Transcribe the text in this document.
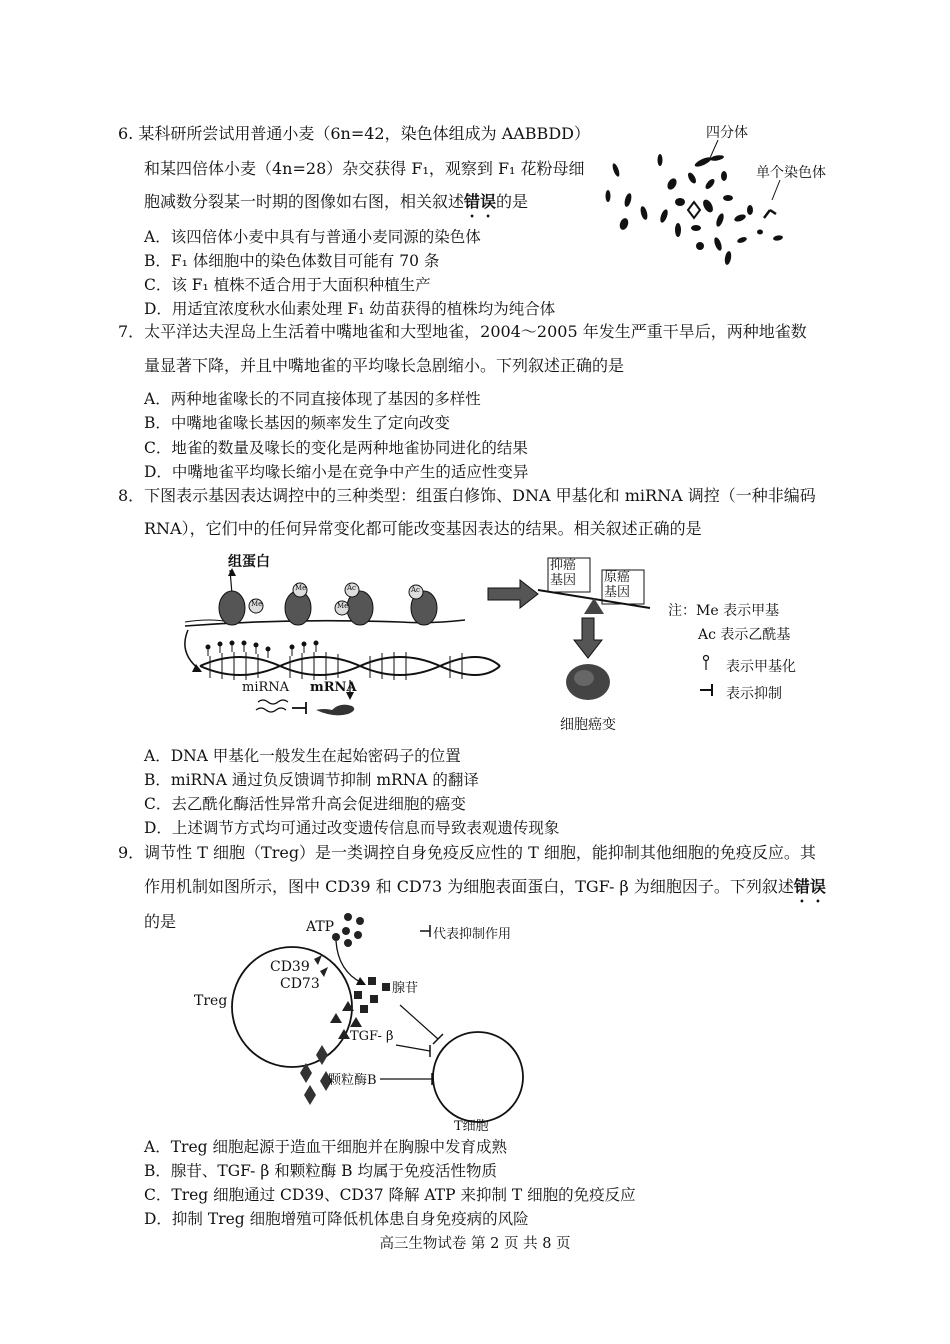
6. 某科研所尝试用普通小麦（6n=42，染色体组成为 AABBDD）
和某四倍体小麦（4n=28）杂交获得 F₁，观察到 F₁ 花粉母细
胞减数分裂某一时期的图像如右图，相关叙述错误的是
A．该四倍体小麦中具有与普通小麦同源的染色体
B．F₁ 体细胞中的染色体数目可能有 70 条
C．该 F₁ 植株不适合用于大面积种植生产
D．用适宜浓度秋水仙素处理 F₁ 幼苗获得的植株均为纯合体
四分体
单个染色体
7．太平洋达夫涅岛上生活着中嘴地雀和大型地雀，2004～2005 年发生严重干旱后，两种地雀数
量显著下降，并且中嘴地雀的平均喙长急剧缩小。下列叙述正确的是
A．两种地雀喙长的不同直接体现了基因的多样性
B．中嘴地雀喙长基因的频率发生了定向改变
C．地雀的数量及喙长的变化是两种地雀协同进化的结果
D．中嘴地雀平均喙长缩小是在竞争中产生的适应性变异
8．下图表示基因表达调控中的三种类型：组蛋白修饰、DNA 甲基化和 miRNA 调控（一种非编码
RNA），它们中的任何异常变化都可能改变基因表达的结果。相关叙述正确的是
组蛋白
Me
Me	Ac
Me
Ac
miRNA mRNA
抑癌
基因 原癌
基因
细胞癌变
注：Me 表示甲基
Ac 表示乙酰基
表示甲基化
表示抑制
A．DNA 甲基化一般发生在起始密码子的位置
B．miRNA 通过负反馈调节抑制 mRNA 的翻译
C．去乙酰化酶活性异常升高会促进细胞的癌变
D．上述调节方式均可通过改变遗传信息而导致表观遗传现象
9．调节性 T 细胞（Treg）是一类调控自身免疫反应性的 T 细胞，能抑制其他细胞的免疫反应。其
作用机制如图所示，图中 CD39 和 CD73 为细胞表面蛋白，TGF- β 为细胞因子。下列叙述错误
的是	ATP	代表抑制作用
CD39
CD73
Treg
腺苷
TGF- β
颗粒酶B
T细胞
A．Treg 细胞起源于造血干细胞并在胸腺中发育成熟
B．腺苷、TGF- β 和颗粒酶 B 均属于免疫活性物质
C．Treg 细胞通过 CD39、CD37 降解 ATP 来抑制 T 细胞的免疫反应
D．抑制 Treg 细胞增殖可降低机体患自身免疫病的风险
高三生物试卷 第 2 页 共 8 页
